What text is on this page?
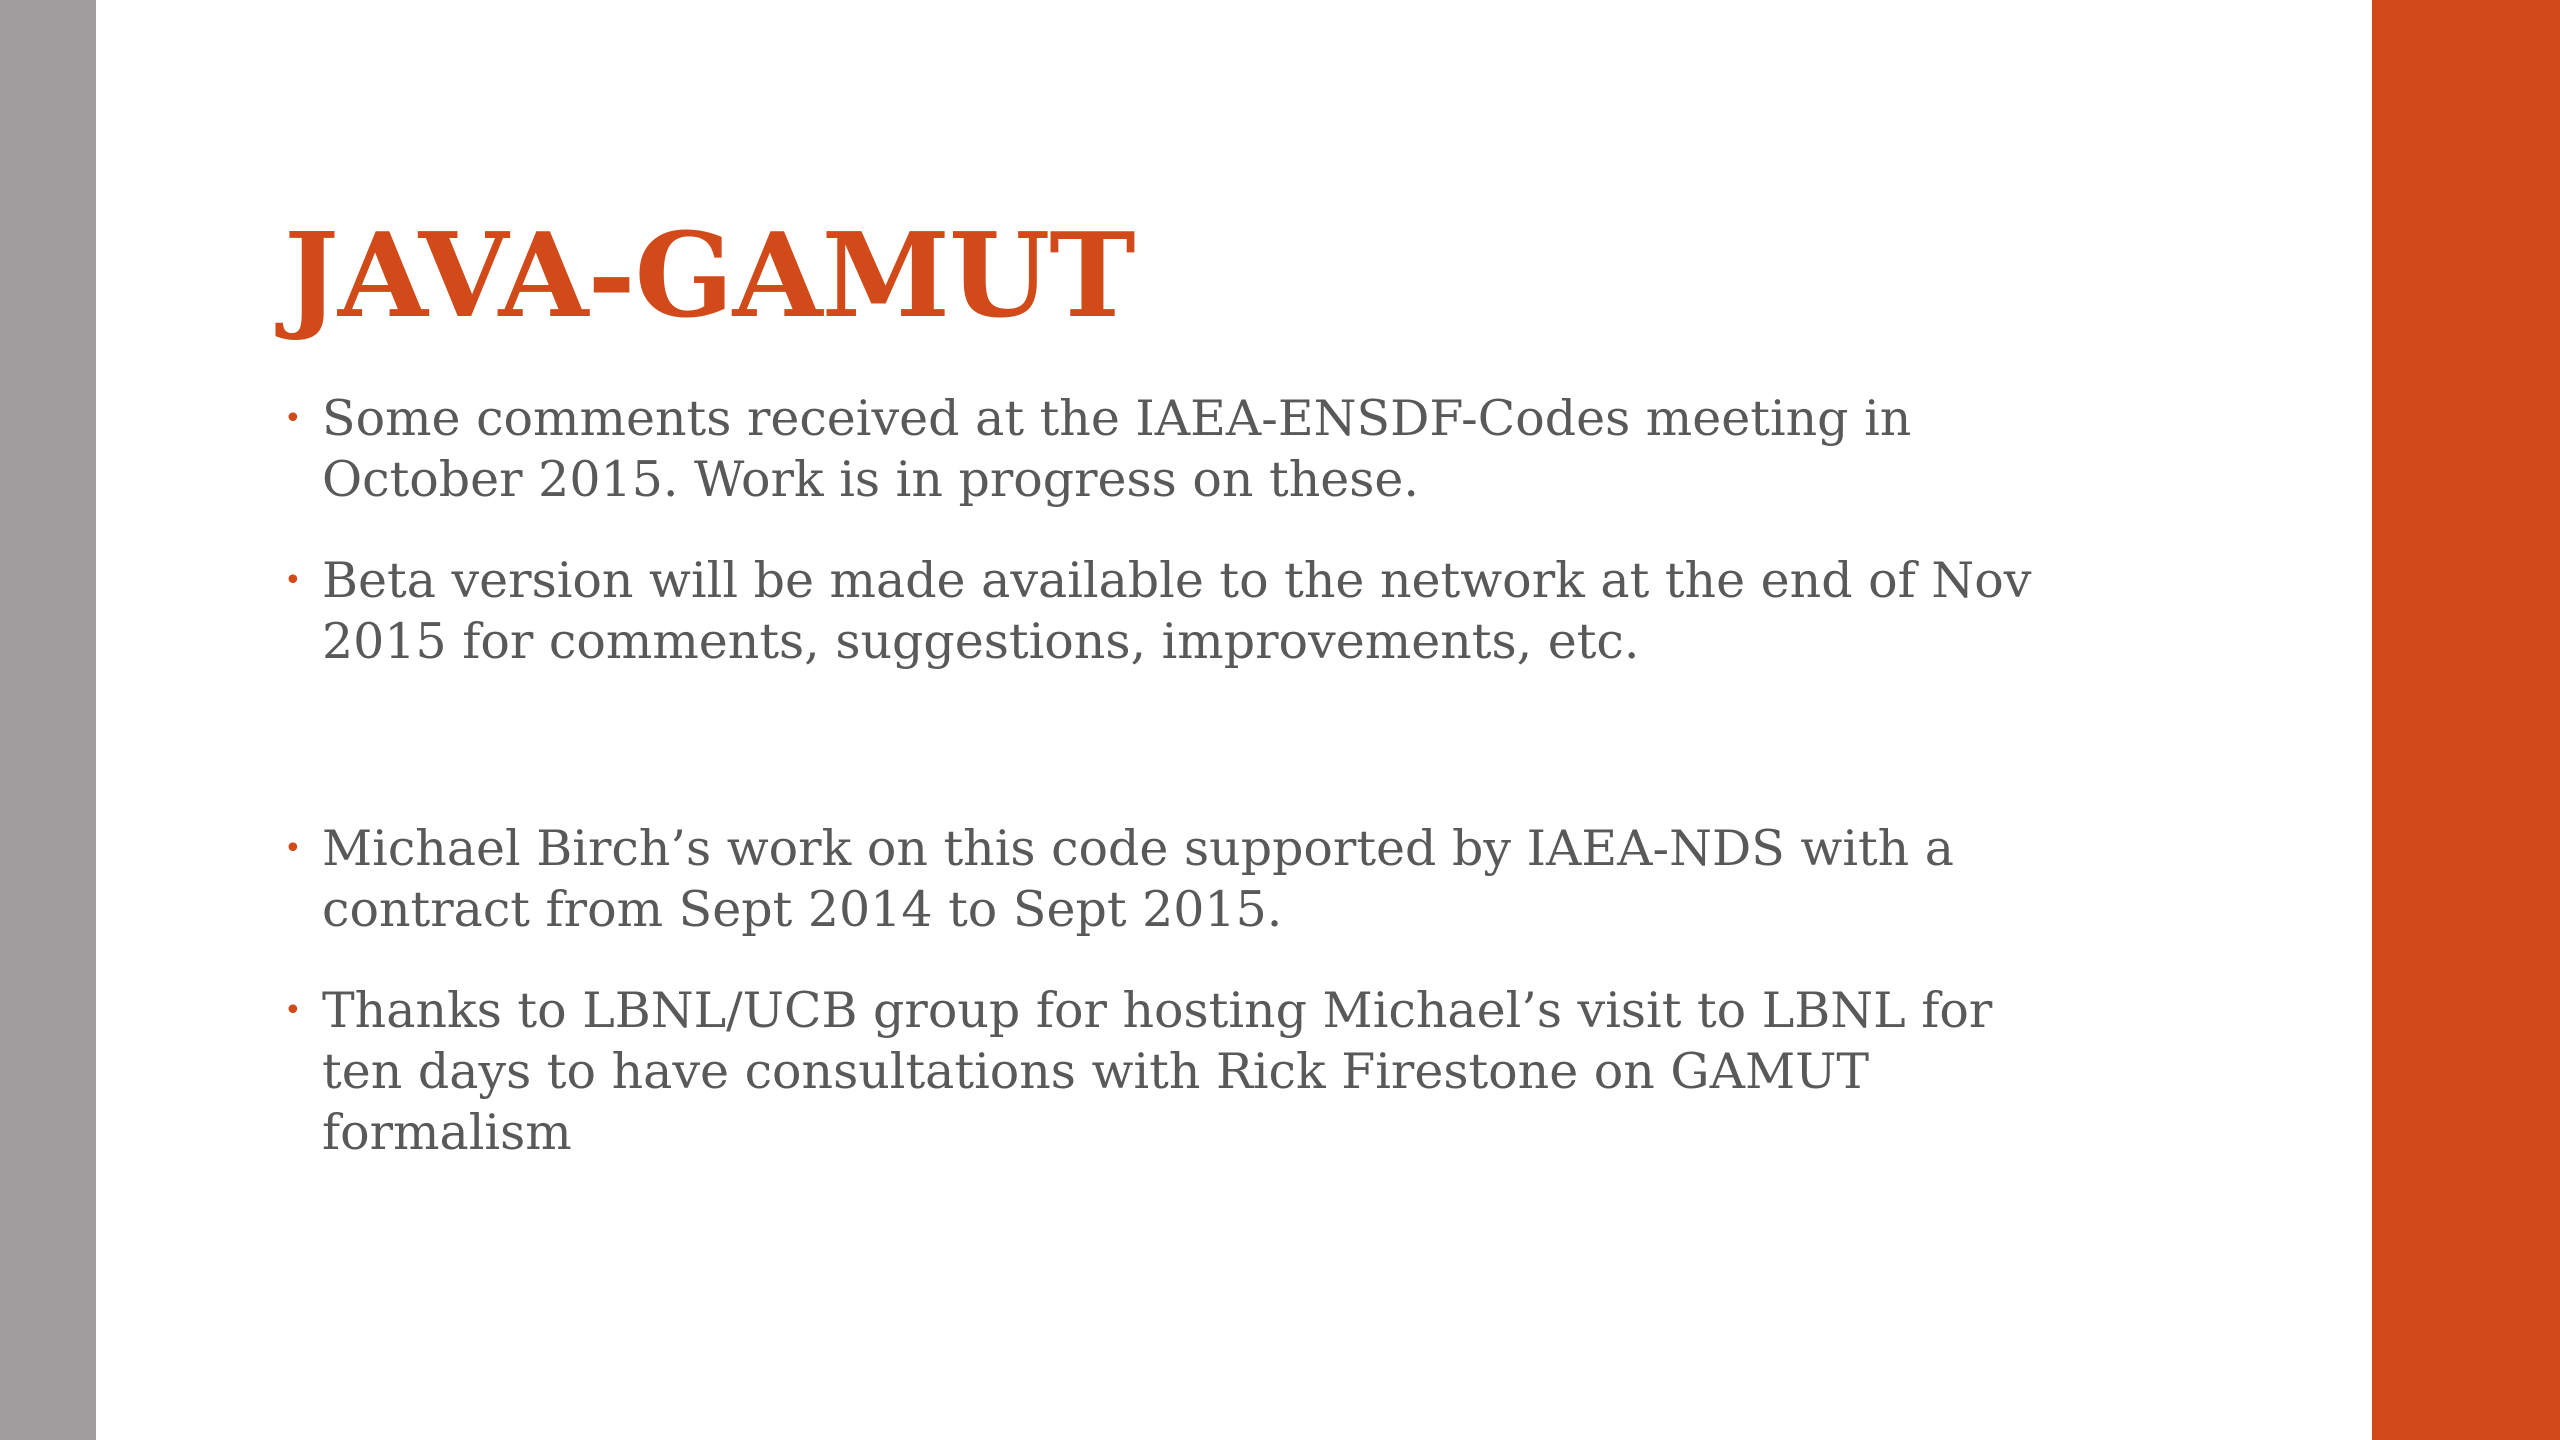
JAVA-GAMUT
• Some comments received at the IAEA-ENSDF-Codes meeting in October 2015. Work is in progress on these.
• Beta version will be made available to the network at the end of Nov 2015 for comments, suggestions, improvements, etc.
• Michael Birch’s work on this code supported by IAEA-NDS with a contract from Sept 2014 to Sept 2015.
• Thanks to LBNL/UCB group for hosting Michael’s visit to LBNL for ten days to have consultations with Rick Firestone on GAMUT formalism
